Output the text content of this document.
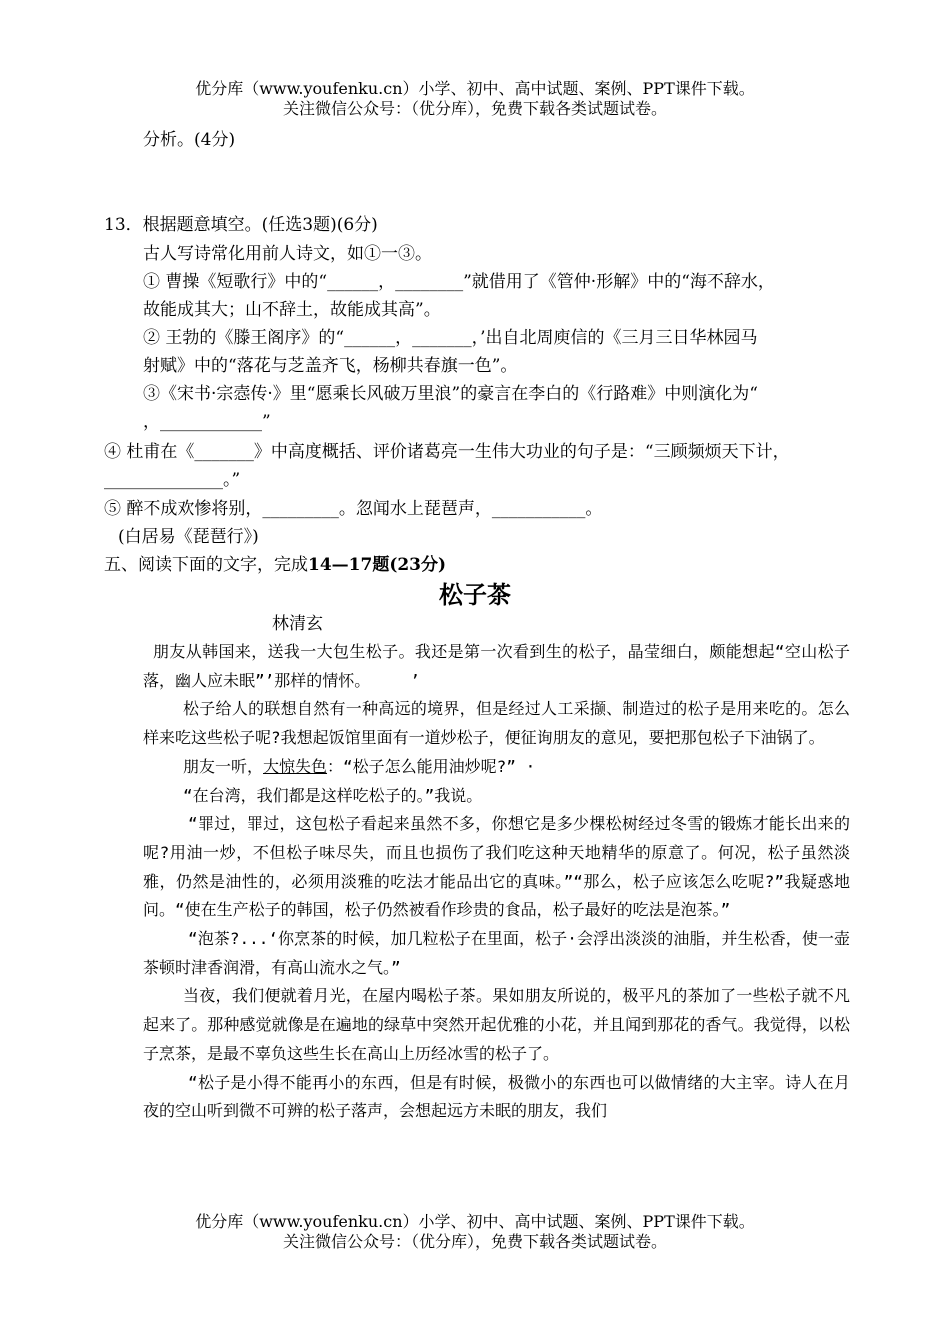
优分库（www.youfenku.cn）小学、初中、高中试题、案例、PPT课件下载。
关注微信公众号：（优分库），免费下载各类试题试卷。
分析。(4分)
13．根据题意填空。(任选3题)(6分)
古人写诗常化用前人诗文，如①一③。
① 曹操《短歌行》中的“______，________”就借用了《管仲·形解》中的“海不辞水，
故能成其大；山不辞土，故能成其高”。
② 王勃的《滕王阁序》的“______，_______，’出自北周庾信的《三月三日华林园马
射赋》中的“落花与芝盖齐飞，杨柳共春旗一色”。
③《宋书·宗悫传·》里“愿乘长风破万里浪”的豪言在李白的《行路难》中则演化为“
，____________”
④ 杜甫在《_______》中高度概括、评价诸葛亮一生伟大功业的句子是：“三顾频烦天下计，
______________。”
⑤ 醉不成欢惨将别，_________。忽闻水上琵琶声，___________。
(白居易《琵琶行》)
五、阅读下面的文字，完成14—17题(23分)
松子茶
林清玄

朋友从韩国来，送我一大包生松子。我还是第一次看到生的松子，晶莹细白，颇能想起“空山松子落，幽人应未眠”’那样的情怀。　　　’

松子给人的联想自然有一种高远的境界，但是经过人工采撷、制造过的松子是用来吃的。怎么样来吃这些松子呢?我想起饭馆里面有一道炒松子，便征询朋友的意见，要把那包松子下油锅了。

朋友一听，大惊失色：“松子怎么能用油炒呢?” ·

“在台湾，我们都是这样吃松子的。”我说。

“罪过，罪过，这包松子看起来虽然不多，你想它是多少棵松树经过冬雪的锻炼才能长出来的呢?用油一炒，不但松子味尽失，而且也损伤了我们吃这种天地精华的原意了。何况，松子虽然淡雅，仍然是油性的，必须用淡雅的吃法才能品出它的真味。”“那么，松子应该怎么吃呢?”我疑惑地问。“使在生产松子的韩国，松子仍然被看作珍贵的食品，松子最好的吃法是泡茶。”

“泡茶?...‘你烹茶的时候，加几粒松子在里面，松子·会浮出淡淡的油脂，并生松香，使一壶茶顿时津香润滑，有高山流水之气。”

当夜，我们便就着月光，在屋内喝松子茶。果如朋友所说的，极平凡的茶加了一些松子就不凡起来了。那种感觉就像是在遍地的绿草中突然开起优雅的小花，并且闻到那花的香气。我觉得，以松子烹茶，是最不辜负这些生长在高山上历经冰雪的松子了。

“松子是小得不能再小的东西，但是有时候，极微小的东西也可以做情绪的大主宰。诗人在月夜的空山听到微不可辨的松子落声，会想起远方未眠的朋友，我们

优分库（www.youfenku.cn）小学、初中、高中试题、案例、PPT课件下载。
关注微信公众号：（优分库），免费下载各类试题试卷。
